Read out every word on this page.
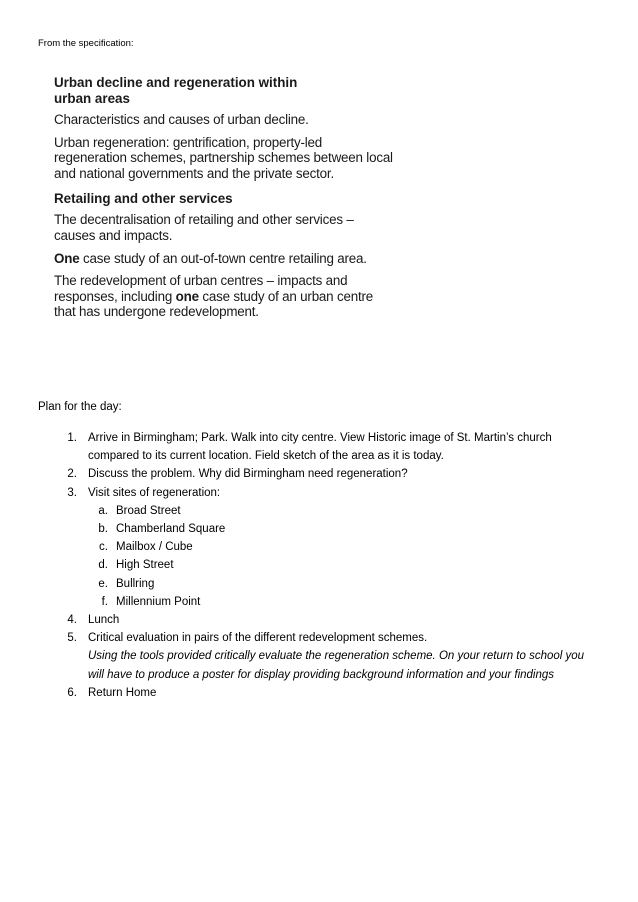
From the specification:
Urban decline and regeneration within urban areas
Characteristics and causes of urban decline.
Urban regeneration: gentrification, property-led regeneration schemes, partnership schemes between local and national governments and the private sector.
Retailing and other services
The decentralisation of retailing and other services – causes and impacts.
One case study of an out-of-town centre retailing area.
The redevelopment of urban centres – impacts and responses, including one case study of an urban centre that has undergone redevelopment.
Plan for the day:
1. Arrive in Birmingham; Park. Walk into city centre. View Historic image of St. Martin’s church
compared to its current location. Field sketch of the area as it is today.
2. Discuss the problem. Why did Birmingham need regeneration?
3. Visit sites of regeneration:
a. Broad Street
b. Chamberland Square
c. Mailbox / Cube
d. High Street
e. Bullring
f. Millennium Point
4. Lunch
5. Critical evaluation in pairs of the different redevelopment schemes.
Using the tools provided critically evaluate the regeneration scheme. On your return to school you
will have to produce a poster for display providing background information and your findings
6. Return Home
